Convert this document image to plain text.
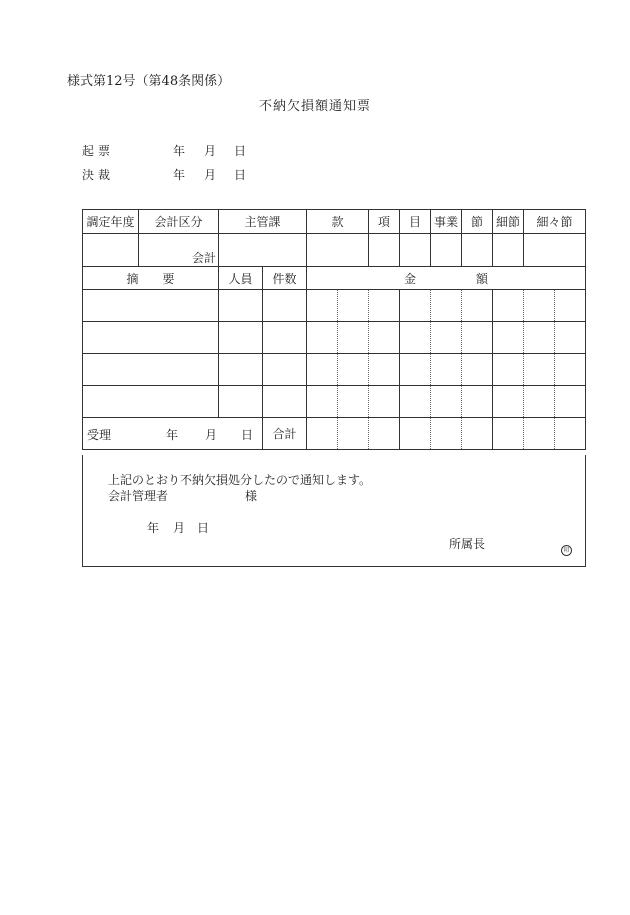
様式第12号（第48条関係）
不納欠損額通知票
起票	年 月 日
決裁	年 月 日
調定年度	会計区分	主管課		款		項	目	事業	節	細節	細々節	

	会計											

摘　　要		人員	件数	金 額								

受理 年 月 日			合計									
上記のとおり不納欠損処分したので通知します。
会計管理者	様
年 月 日
所属長	印
